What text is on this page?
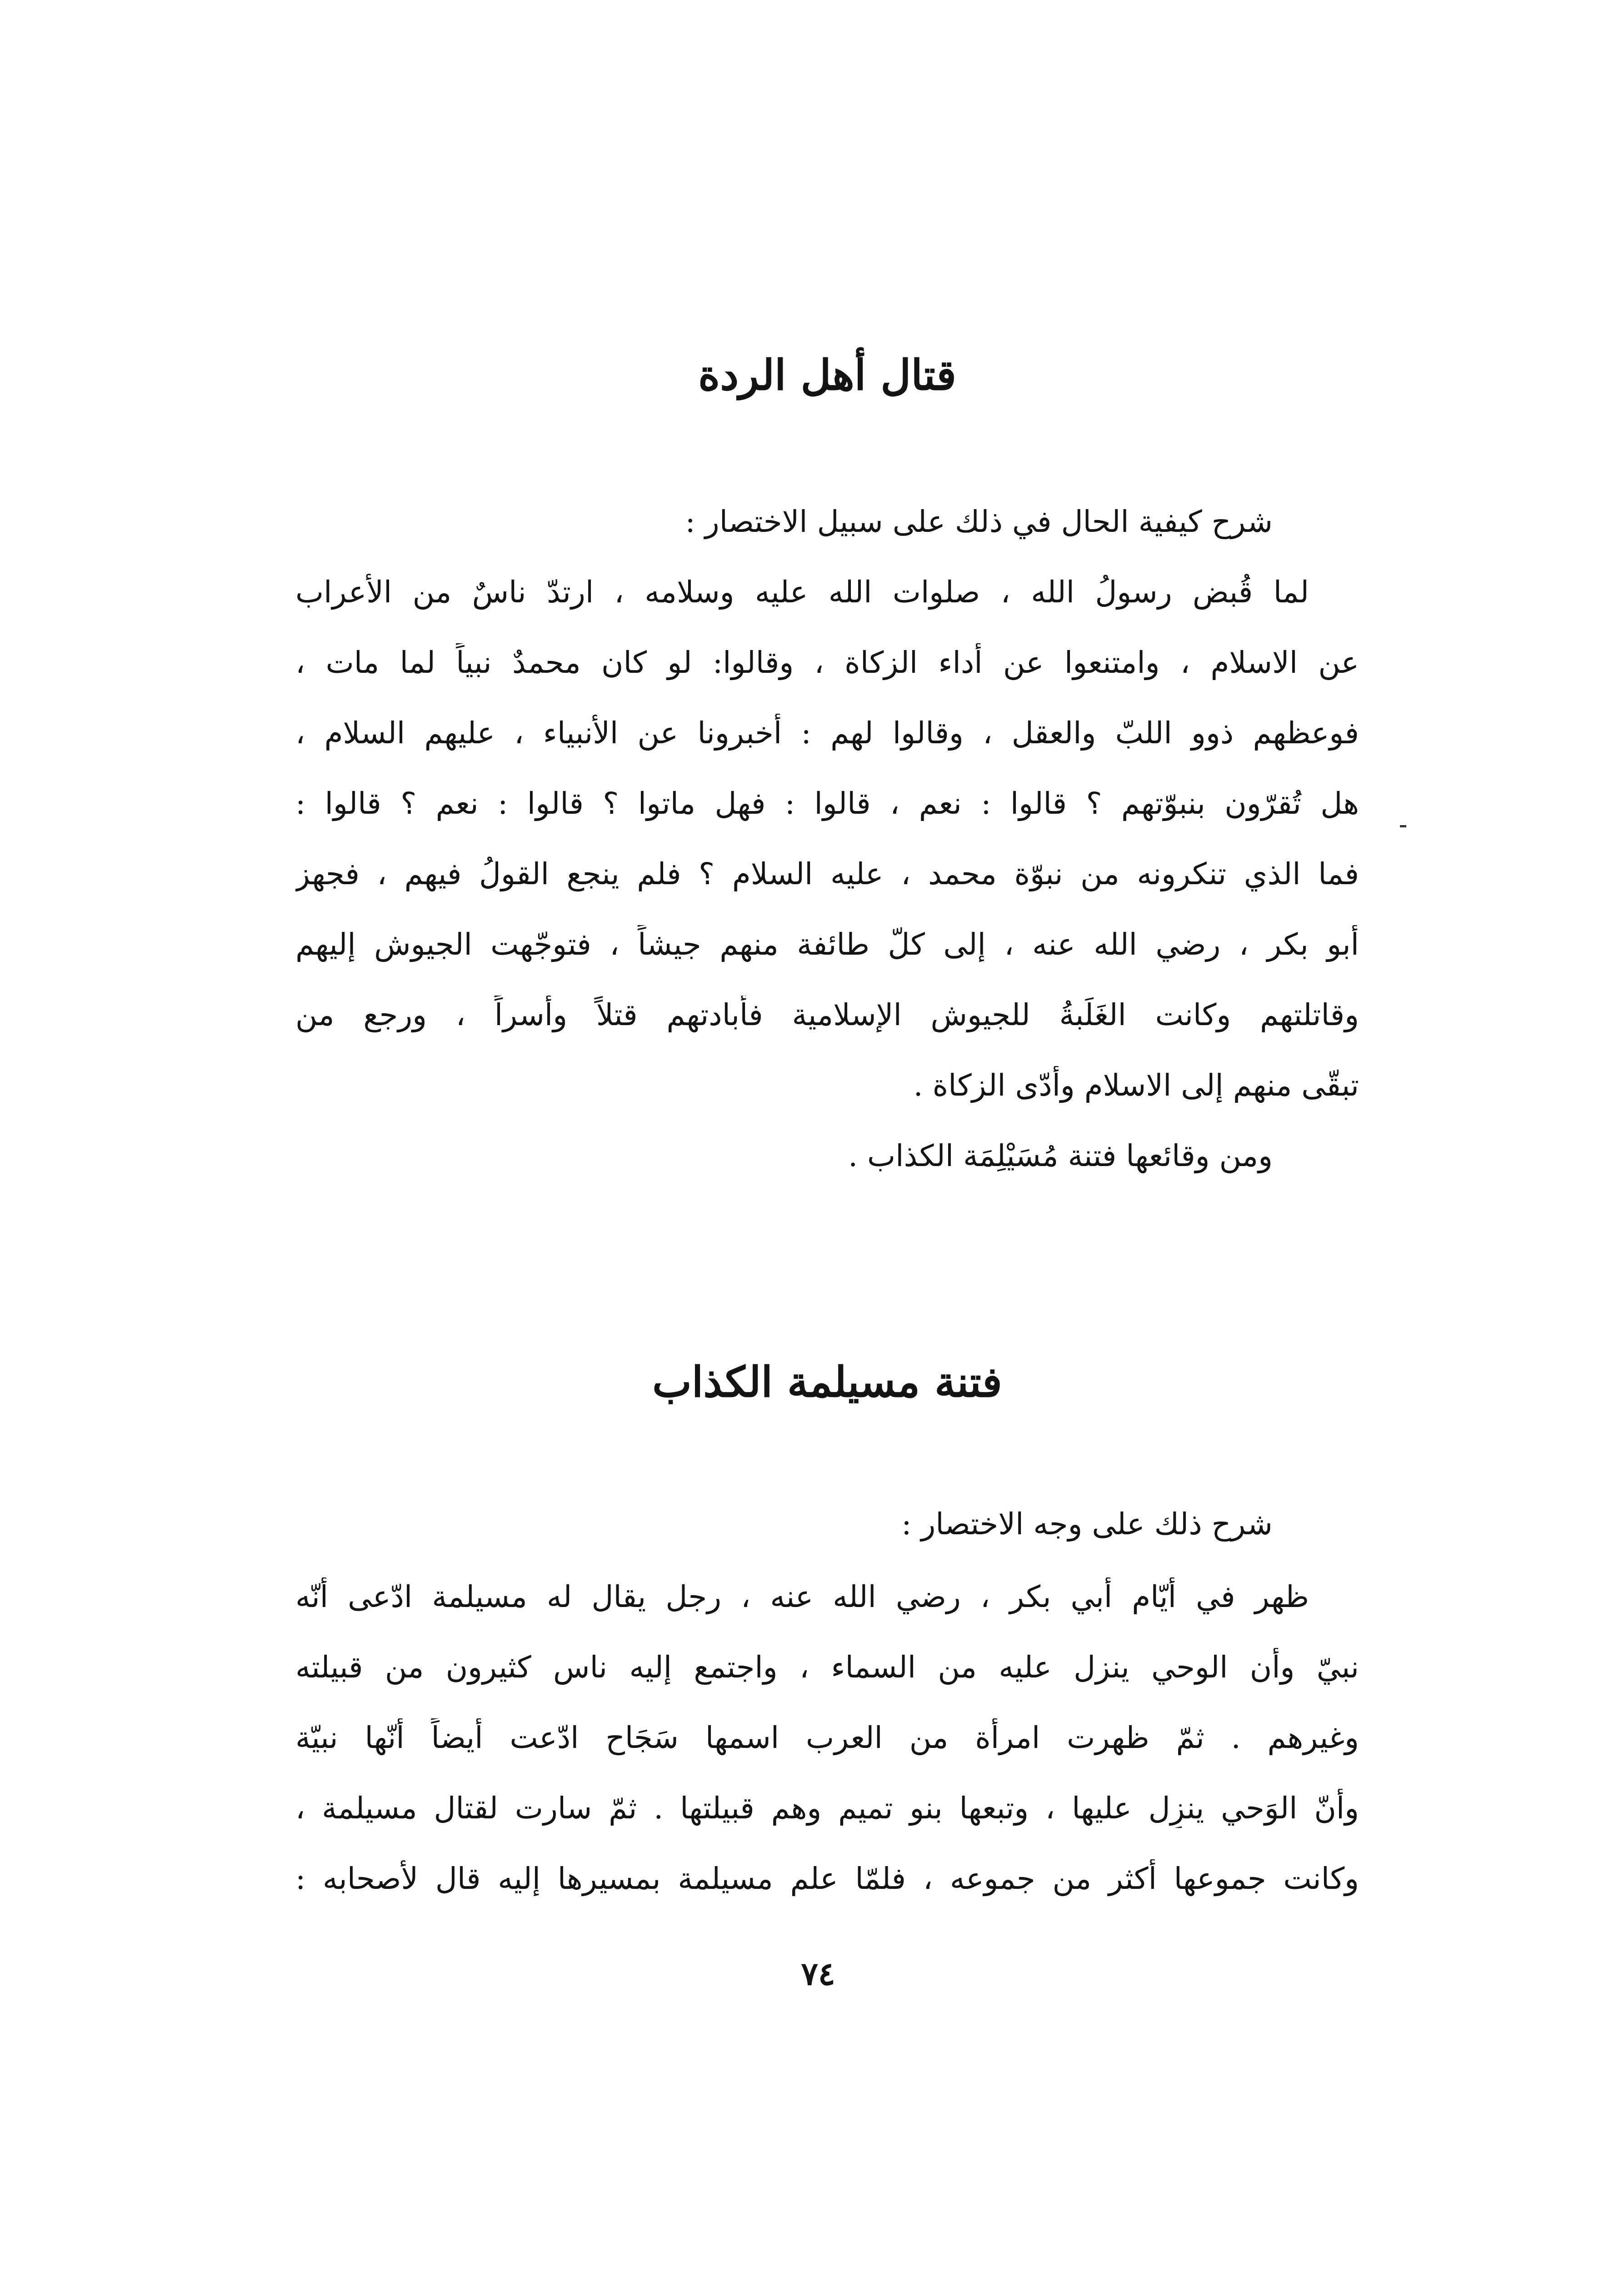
قتال أهل الردة

شرح كيفية الحال في ذلك على سبيل الاختصار :

لما قُبض رسولُ الله ، صلوات الله عليه وسلامه ، ارتدّ ناسٌ من الأعراب

عن الاسلام ، وامتنعوا عن أداء الزكاة ، وقالوا: لو كان محمدٌ نبياً لما مات ،

فوعظهم ذوو اللبّ والعقل ، وقالوا لهم : أخبرونا عن الأنبياء ، عليهم السلام ،

هل تُقرّون بنبوّتهم ؟ قالوا : نعم ، قالوا : فهل ماتوا ؟ قالوا : نعم ؟ قالوا :

فما الذي تنكرونه من نبوّة محمد ، عليه السلام ؟ فلم ينجع القولُ فيهم ، فجهز

أبو بكر ، رضي الله عنه ، إلى كلّ طائفة منهم جيشاً ، فتوجّهت الجيوش إليهم

وقاتلتهم وكانت الغَلَبةُ للجيوش الإسلامية فأبادتهم قتلاً وأسراً ، ورجع من

تبقّى منهم إلى الاسلام وأدّى الزكاة .

ومن وقائعها فتنة مُسَيْلِمَة الكذاب .

فتنة مسيلمة الكذاب

شرح ذلك على وجه الاختصار :

ظهر في أيّام أبي بكر ، رضي الله عنه ، رجل يقال له مسيلمة ادّعى أنّه

نبيّ وأن الوحي ينزل عليه من السماء ، واجتمع إليه ناس كثيرون من قبيلته

وغيرهم . ثمّ ظهرت امرأة من العرب اسمها سَجَاح ادّعت أيضاً أنّها نبيّة

وأنّ الوَحي ينزِل عليها ، وتبعها بنو تميم وهم قبيلتها . ثمّ سارت لقتال مسيلمة ،

وكانت جموعها أكثر من جموعه ، فلمّا علم مسيلمة بمسيرها إليه قال لأصحابه :

٧٤
